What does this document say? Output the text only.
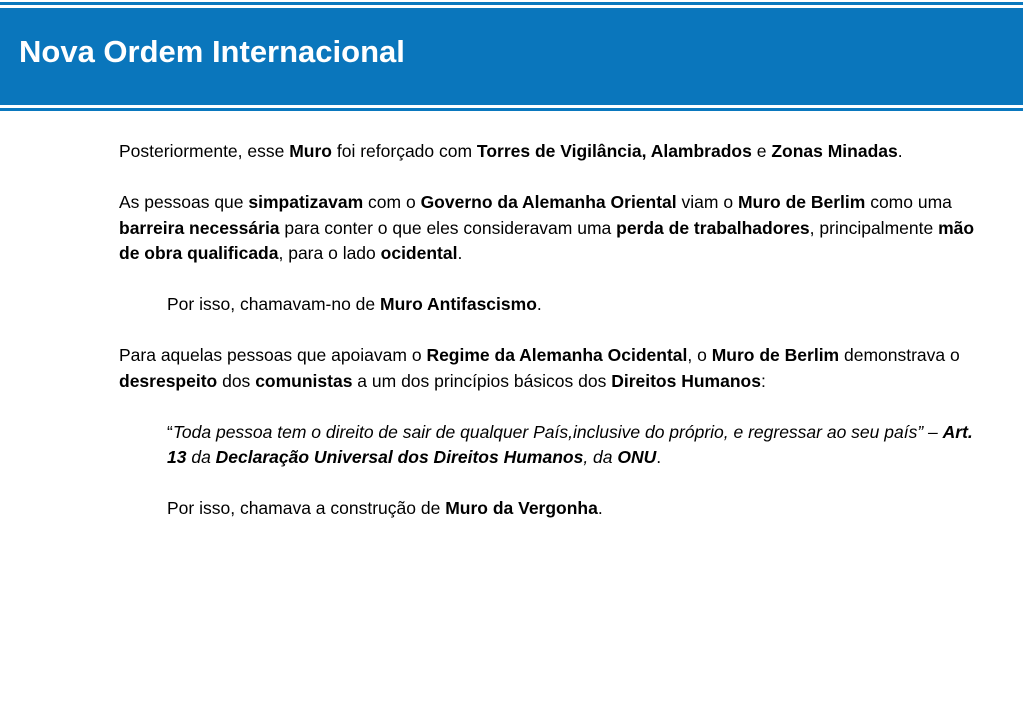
Nova Ordem Internacional

Posteriormente, esse Muro foi reforçado com Torres de Vigilância, Alambrados e Zonas Minadas.

As pessoas que simpatizavam com o Governo da Alemanha Oriental viam o Muro de Berlim como uma barreira necessária para conter o que eles consideravam uma perda de trabalhadores, principalmente mão de obra qualificada, para o lado ocidental.

Por isso, chamavam-no de Muro Antifascismo.

Para aquelas pessoas que apoiavam o Regime da Alemanha Ocidental, o Muro de Berlim demonstrava o desrespeito dos comunistas a um dos princípios básicos dos Direitos Humanos:

“Toda pessoa tem o direito de sair de qualquer País,inclusive do próprio, e regressar ao seu país” – Art. 13 da Declaração Universal dos Direitos Humanos, da ONU.

Por isso, chamava a construção de Muro da Vergonha.
